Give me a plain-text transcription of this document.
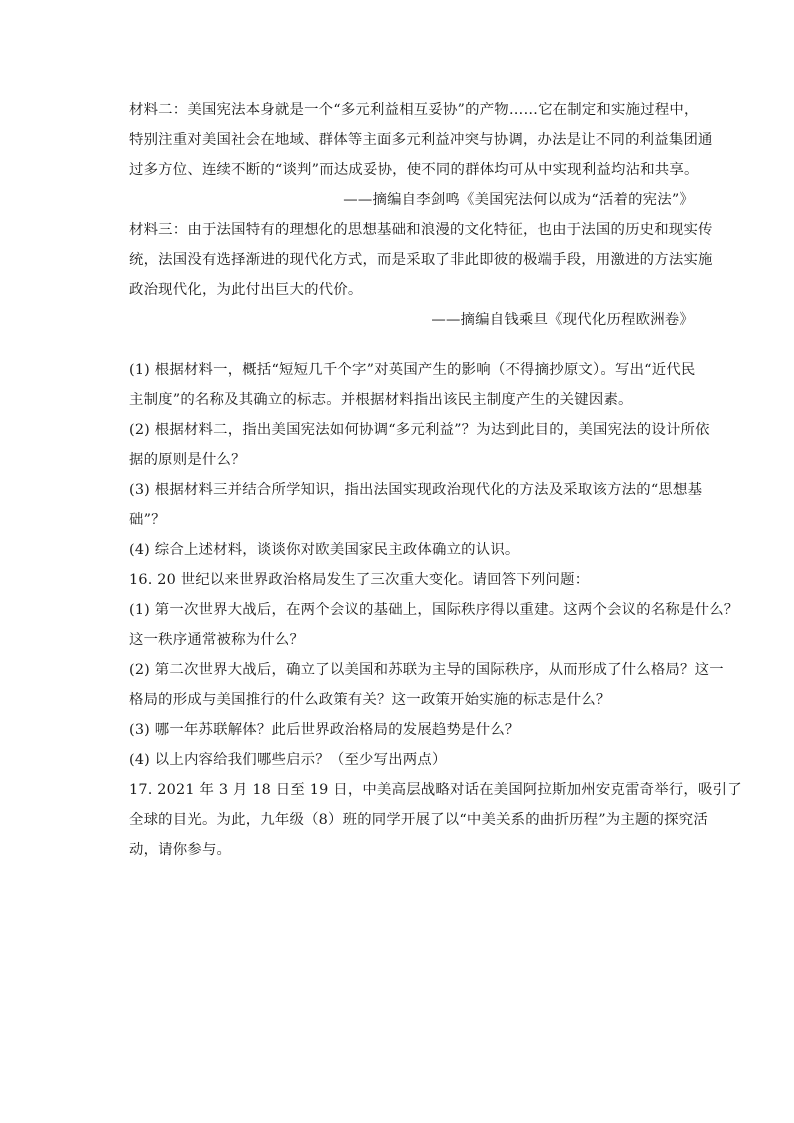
材料二：美国宪法本身就是一个“多元利益相互妥协”的产物……它在制定和实施过程中，
特别注重对美国社会在地域、群体等主面多元利益冲突与协调，办法是让不同的利益集团通
过多方位、连续不断的“谈判”而达成妥协，使不同的群体均可从中实现利益均沾和共享。
——摘编自李剑鸣《美国宪法何以成为“活着的宪法”》
材料三：由于法国特有的理想化的思想基础和浪漫的文化特征，也由于法国的历史和现实传
统，法国没有选择渐进的现代化方式，而是采取了非此即彼的极端手段，用激进的方法实施
政治现代化，为此付出巨大的代价。
——摘编自钱乘旦《现代化历程欧洲卷》
(1) 根据材料一，概括“短短几千个字”对英国产生的影响（不得摘抄原文）。写出“近代民
主制度”的名称及其确立的标志。并根据材料指出该民主制度产生的关键因素。
(2) 根据材料二，指出美国宪法如何协调“多元利益”？为达到此目的，美国宪法的设计所依
据的原则是什么？
(3) 根据材料三并结合所学知识，指出法国实现政治现代化的方法及采取该方法的“思想基
础”？
(4) 综合上述材料，谈谈你对欧美国家民主政体确立的认识。
16. 20 世纪以来世界政治格局发生了三次重大变化。请回答下列问题：
(1) 第一次世界大战后，在两个会议的基础上，国际秩序得以重建。这两个会议的名称是什么？
这一秩序通常被称为什么？
(2) 第二次世界大战后，确立了以美国和苏联为主导的国际秩序，从而形成了什么格局？这一
格局的形成与美国推行的什么政策有关？这一政策开始实施的标志是什么？
(3) 哪一年苏联解体？此后世界政治格局的发展趋势是什么？
(4) 以上内容给我们哪些启示？（至少写出两点）
17. 2021 年 3 月 18 日至 19 日，中美高层战略对话在美国阿拉斯加州安克雷奇举行，吸引了
全球的目光。为此，九年级（8）班的同学开展了以“中美关系的曲折历程”为主题的探究活
动，请你参与。
